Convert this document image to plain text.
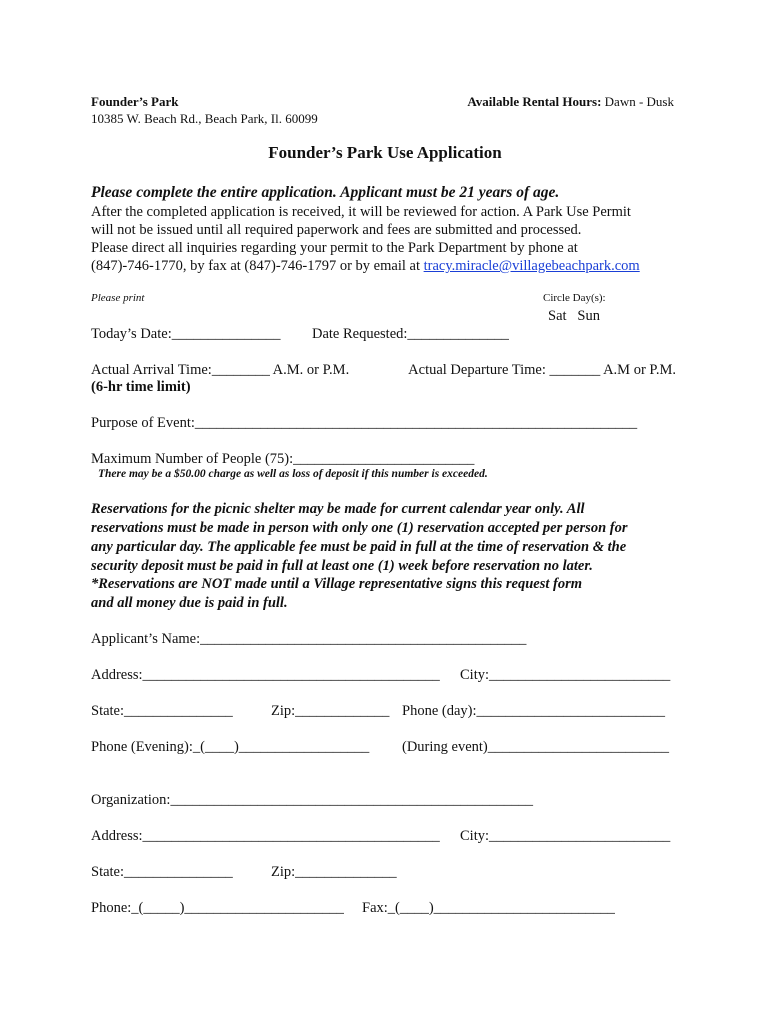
Founder’s Park
10385 W. Beach Rd., Beach Park, Il. 60099
Available Rental Hours: Dawn - Dusk
Founder’s Park Use Application
Please complete the entire application. Applicant must be 21 years of age.
After the completed application is received, it will be reviewed for action. A Park Use Permit
will not be issued until all required paperwork and fees are submitted and processed.
Please direct all inquiries regarding your permit to the Park Department by phone at
(847)-746-1770, by fax at (847)-746-1797 or by email at tracy.miracle@villagebeachpark.com
Please print	Circle Day(s):
Sat Sun
Today’s Date:_______________ Date Requested:______________
Actual Arrival Time:________ A.M. or P.M.	Actual Departure Time: _______ A.M or P.M.
(6-hr time limit)
Purpose of Event:_____________________________________________________________
Maximum Number of People (75):_________________________
There may be a $50.00 charge as well as loss of deposit if this number is exceeded.
Reservations for the picnic shelter may be made for current calendar year only. All
reservations must be made in person with only one (1) reservation accepted per person for
any particular day. The applicable fee must be paid in full at the time of reservation & the
security deposit must be paid in full at least one (1) week before reservation no later.
*Reservations are NOT made until a Village representative signs this request form
and all money due is paid in full.
Applicant’s Name:_____________________________________________
Address:_________________________________________ City:_________________________
State:_______________	Zip:_____________ Phone (day):__________________________
Phone (Evening):_(____)__________________ (During event)_________________________
Organization:__________________________________________________
Address:_________________________________________ City:_________________________
State:_______________	Zip:______________
Phone:_(_____)______________________ Fax:_(____)_________________________
